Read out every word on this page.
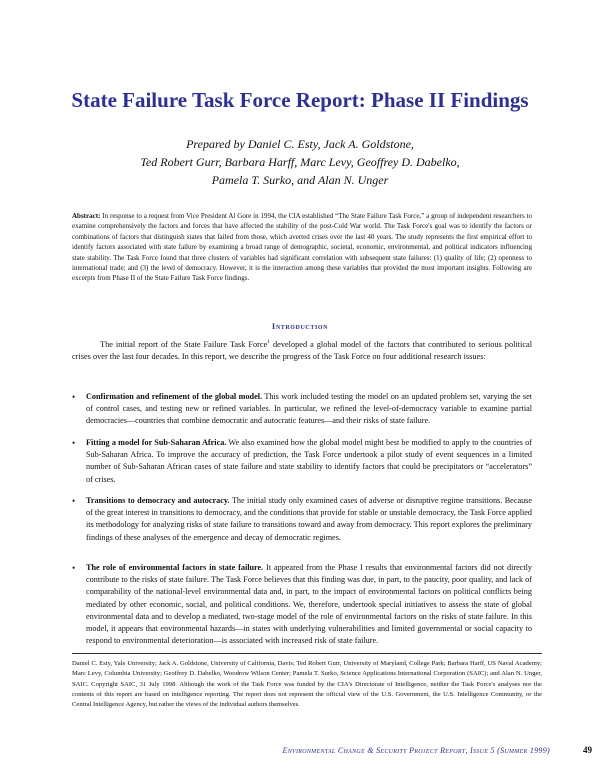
State Failure Task Force Report: Phase II Findings
Prepared by Daniel C. Esty, Jack A. Goldstone,
Ted Robert Gurr, Barbara Harff, Marc Levy, Geoffrey D. Dabelko,
Pamela T. Surko, and Alan N. Unger

Abstract: In response to a request from Vice President Al Gore in 1994, the CIA established “The State Failure Task Force,” a group of independent researchers to examine comprehensively the factors and forces that have affected the stability of the post-Cold War world. The Task Force's goal was to identify the factors or combinations of factors that distinguish states that failed from those, which averted crises over the last 40 years. The study represents the first empirical effort to identify factors associated with state failure by examining a broad range of demographic, societal, economic, environmental, and political indicators influencing state stability. The Task Force found that three clusters of variables had significant correlation with subsequent state failures: (1) quality of life; (2) openness to international trade; and (3) the level of democracy. However, it is the interaction among these variables that provided the most important insights. Following are excerpts from Phase II of the State Failure Task Force findings.

Introduction

The initial report of the State Failure Task Force$^1$ developed a global model of the factors that contributed to serious political crises over the last four decades. In this report, we describe the progress of the Task Force on four additional research issues:

• Confirmation and refinement of the global model. This work included testing the model on an updated problem set, varying the set of control cases, and testing new or refined variables. In particular, we refined the level-of-democracy variable to examine partial democracies—countries that combine democratic and autocratic features—and their risks of state failure.
• Fitting a model for Sub-Saharan Africa. We also examined how the global model might best be modified to apply to the countries of Sub-Saharan Africa. To improve the accuracy of prediction, the Task Force undertook a pilot study of event sequences in a limited number of Sub-Saharan African cases of state failure and state stability to identify factors that could be precipitators or “accelerators” of crises.
• Transitions to democracy and autocracy. The initial study only examined cases of adverse or disruptive regime transitions. Because of the great interest in transitions to democracy, and the conditions that provide for stable or unstable democracy, the Task Force applied its methodology for analyzing risks of state failure to transitions toward and away from democracy. This report explores the preliminary findings of these analyses of the emergence and decay of democratic regimes.
• The role of environmental factors in state failure. It appeared from the Phase I results that environmental factors did not directly contribute to the risks of state failure. The Task Force believes that this finding was due, in part, to the paucity, poor quality, and lack of comparability of the national-level environmental data and, in part, to the impact of environmental factors on political conflicts being mediated by other economic, social, and political conditions. We, therefore, undertook special initiatives to assess the state of global environmental data and to develop a mediated, two-stage model of the role of environmental factors on the risks of state failure. In this model, it appears that environmental hazards—in states with underlying vulnerabilities and limited governmental or social capacity to respond to environmental deterioration—is associated with increased risk of state failure.

Daniel C. Esty, Yale University; Jack A. Goldstone, University of California, Davis; Ted Robert Gurr, University of Maryland, College Park; Barbara Harff, US Naval Academy; Marc Levy, Columbia University; Geoffrey D. Dabelko, Woodrow Wilson Center; Pamela T. Surko, Science Applications International Corporation (SAIC); and Alan N. Unger, SAIC. Copyright SAIC, 31 July 1998. Although the work of the Task Force was funded by the CIA's Directorate of Intelligence, neither the Task Force's analyses nor the contents of this report are based on intelligence reporting. The report does not represent the official view of the U.S. Government, the U.S. Intelligence Community, or the Central Intelligence Agency, but rather the views of the individual authors themselves.

Environmental Change & Security Project Report, Issue 5 (Summer 1999)	49
